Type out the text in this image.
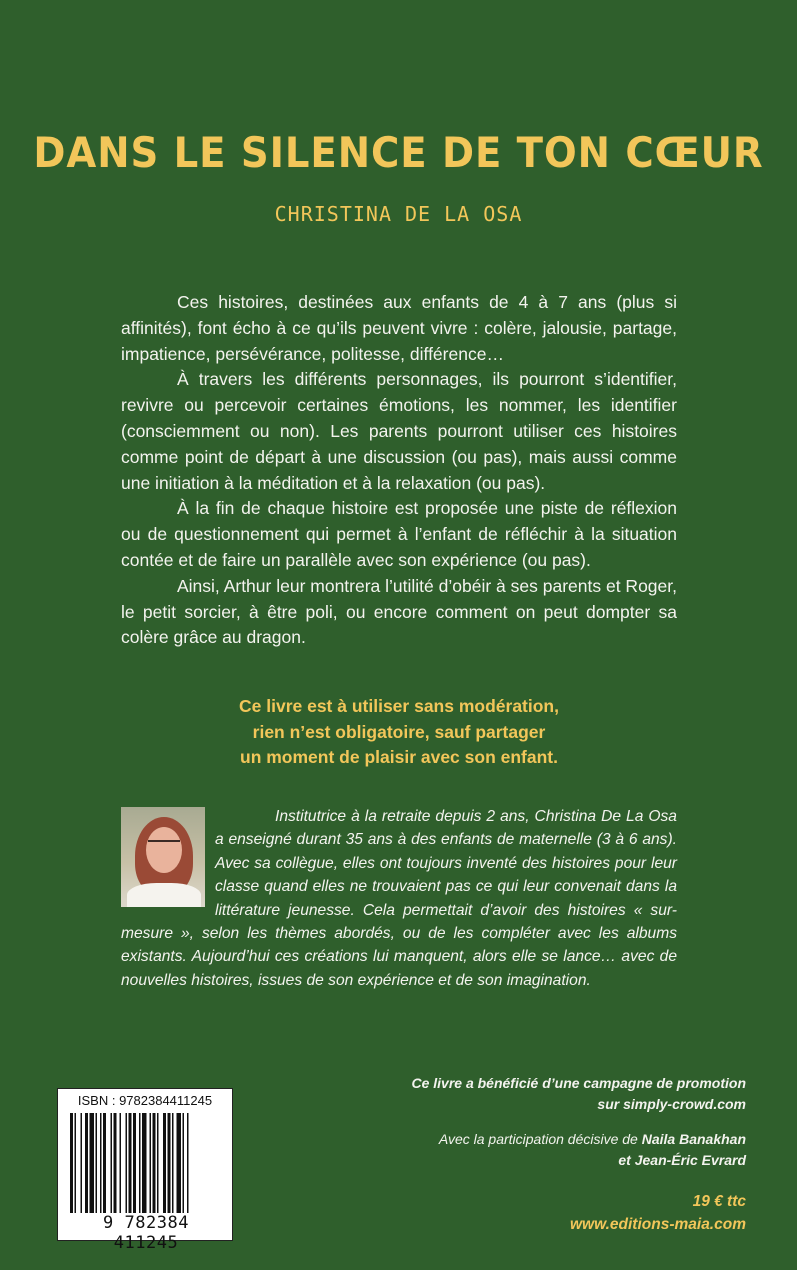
DANS LE SILENCE DE TON CŒUR
CHRISTINA DE LA OSA

Ces histoires, destinées aux enfants de 4 à 7 ans (plus si affinités), font écho à ce qu’ils peuvent vivre : colère, jalousie, partage, impatience, persévérance, politesse, différence…

À travers les différents personnages, ils pourront s’identifier, revivre ou percevoir certaines émotions, les nommer, les identifier (consciemment ou non). Les parents pourront utiliser ces histoires comme point de départ à une discussion (ou pas), mais aussi comme une initiation à la méditation et à la relaxation (ou pas).

À la fin de chaque histoire est proposée une piste de réflexion ou de questionnement qui permet à l’enfant de réfléchir à la situation contée et de faire un parallèle avec son expérience (ou pas).

Ainsi, Arthur leur montrera l’utilité d’obéir à ses parents et Roger, le petit sorcier, à être poli, ou encore comment on peut dompter sa colère grâce au dragon.

Ce livre est à utiliser sans modération,
rien n’est obligatoire, sauf partager
un moment de plaisir avec son enfant.
Institutrice à la retraite depuis 2 ans, Christina De La Osa a enseigné durant 35 ans à des enfants de maternelle (3 à 6 ans). Avec sa collègue, elles ont toujours inventé des histoires pour leur classe quand elles ne trouvaient pas ce qui leur convenait dans la littérature jeunesse. Cela permettait d’avoir des histoires « sur-mesure », selon les thèmes abordés, ou de les compléter avec les albums existants. Aujourd’hui ces créations lui manquent, alors elle se lance… avec de nouvelles histoires, issues de son expérience et de son imagination.
ISBN : 9782384411245
9 782384 411245
Ce livre a bénéficié d’une campagne de promotion
sur simply-crowd.com
Avec la participation décisive de Naila Banakhan
et Jean-Éric Evrard
19 € ttc
www.editions-maia.com
